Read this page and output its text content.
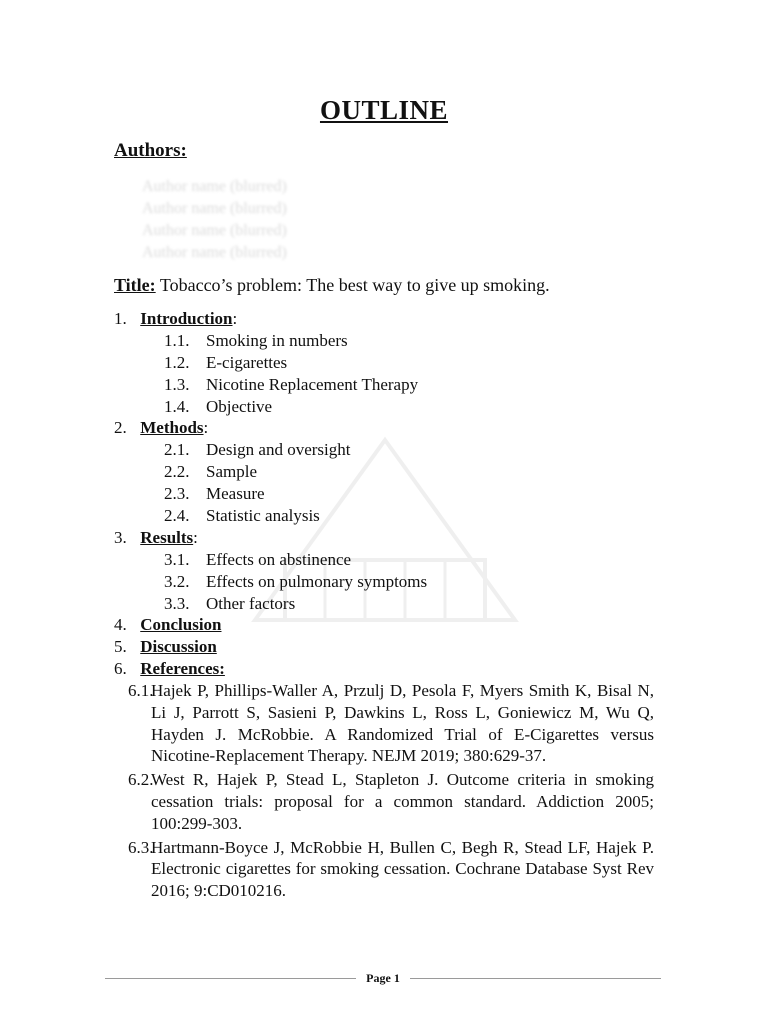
OUTLINE
Authors:
Author name (blurred)
Author name (blurred)
Author name (blurred)
Author name (blurred)
Title: Tobacco’s problem: The best way to give up smoking.
1. Introduction:
1.1. Smoking in numbers
1.2. E-cigarettes
1.3. Nicotine Replacement Therapy
1.4. Objective
2. Methods:
2.1. Design and oversight
2.2. Sample
2.3. Measure
2.4. Statistic analysis
3. Results:
3.1. Effects on abstinence
3.2. Effects on pulmonary symptoms
3.3. Other factors
4. Conclusion
5. Discussion
6. References:
6.1.
Hajek P, Phillips-Waller A, Przulj D, Pesola F, Myers Smith K, Bisal N, Li J, Parrott S, Sasieni P, Dawkins L, Ross L, Goniewicz M, Wu Q, Hayden J. McRobbie. A Randomized Trial of E-Cigarettes versus Nicotine-Replacement Therapy. NEJM 2019; 380:629-37.
6.2.
West R, Hajek P, Stead L, Stapleton J. Outcome criteria in smoking cessation trials: proposal for a common standard. Addiction 2005; 100:299-303.
6.3.
Hartmann-Boyce J, McRobbie H, Bullen C, Begh R, Stead LF, Hajek P. Electronic cigarettes for smoking cessation. Cochrane Database Syst Rev 2016; 9:CD010216.
Page 1
